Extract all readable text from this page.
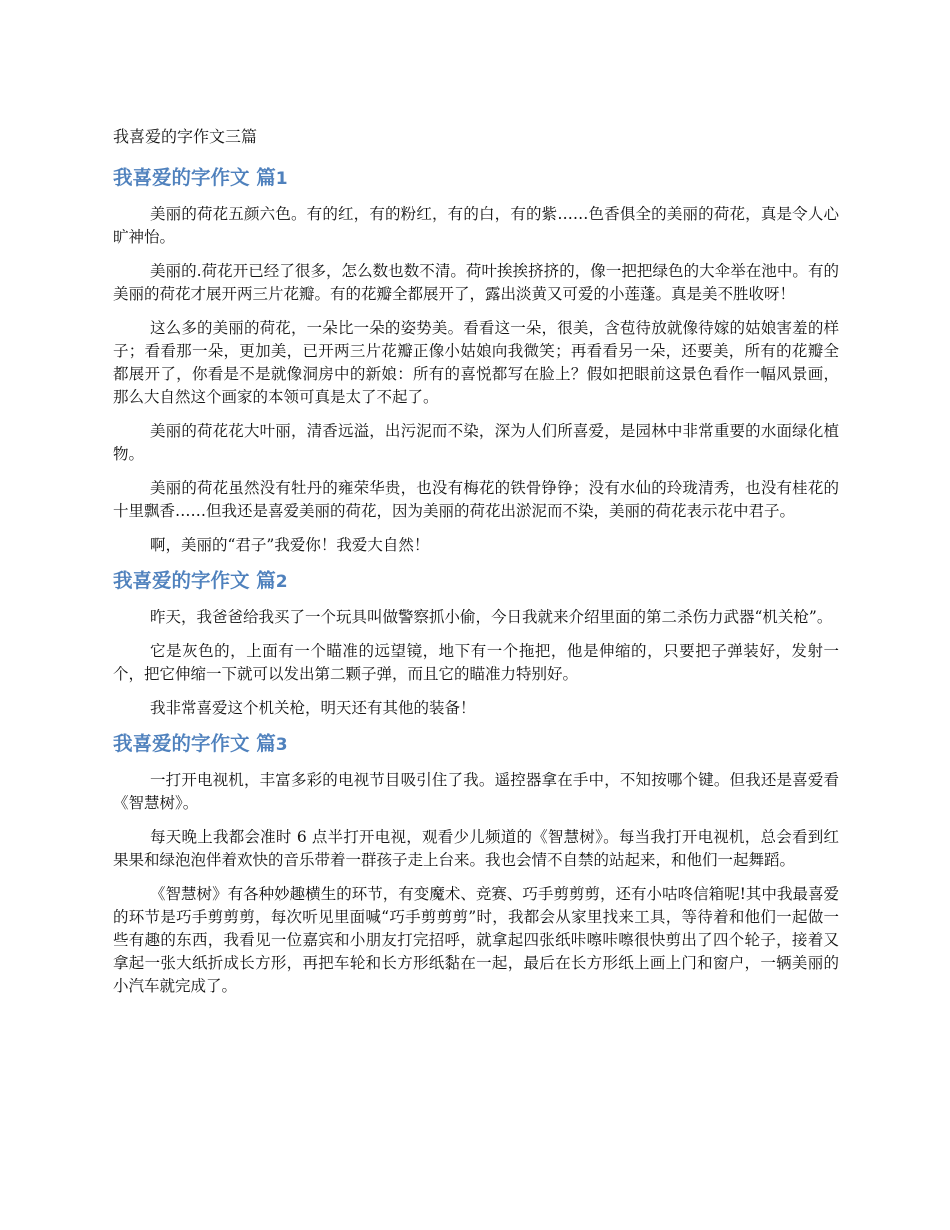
我喜爱的字作文三篇
我喜爱的字作文 篇1

美丽的荷花五颜六色。有的红，有的粉红，有的白，有的紫……色香俱全的美丽的荷花，真是令人心旷神怡。

美丽的.荷花开已经了很多，怎么数也数不清。荷叶挨挨挤挤的，像一把把绿色的大伞举在池中。有的美丽的荷花才展开两三片花瓣。有的花瓣全都展开了，露出淡黄又可爱的小莲蓬。真是美不胜收呀！

这么多的美丽的荷花，一朵比一朵的姿势美。看看这一朵，很美，含苞待放就像待嫁的姑娘害羞的样子；看看那一朵，更加美，已开两三片花瓣正像小姑娘向我微笑；再看看另一朵，还要美，所有的花瓣全都展开了，你看是不是就像洞房中的新娘：所有的喜悦都写在脸上？假如把眼前这景色看作一幅风景画，那么大自然这个画家的本领可真是太了不起了。

美丽的荷花花大叶丽，清香远溢，出污泥而不染，深为人们所喜爱，是园林中非常重要的水面绿化植物。

美丽的荷花虽然没有牡丹的雍荣华贵，也没有梅花的铁骨铮铮；没有水仙的玲珑清秀，也没有桂花的十里飘香……但我还是喜爱美丽的荷花，因为美丽的荷花出淤泥而不染，美丽的荷花表示花中君子。

啊，美丽的“君子”我爱你！我爱大自然！

我喜爱的字作文 篇2

昨天，我爸爸给我买了一个玩具叫做警察抓小偷，今日我就来介绍里面的第二杀伤力武器“机关枪”。

它是灰色的，上面有一个瞄准的远望镜，地下有一个拖把，他是伸缩的，只要把子弹装好，发射一个，把它伸缩一下就可以发出第二颗子弹，而且它的瞄准力特别好。

我非常喜爱这个机关枪，明天还有其他的装备！

我喜爱的字作文 篇3

一打开电视机，丰富多彩的电视节目吸引住了我。遥控器拿在手中，不知按哪个键。但我还是喜爱看《智慧树》。

每天晚上我都会准时 6 点半打开电视，观看少儿频道的《智慧树》。每当我打开电视机，总会看到红果果和绿泡泡伴着欢快的音乐带着一群孩子走上台来。我也会情不自禁的站起来，和他们一起舞蹈。

《智慧树》有各种妙趣横生的环节，有变魔术、竞赛、巧手剪剪剪，还有小咕咚信箱呢!其中我最喜爱的环节是巧手剪剪剪，每次听见里面喊“巧手剪剪剪”时，我都会从家里找来工具，等待着和他们一起做一些有趣的东西，我看见一位嘉宾和小朋友打完招呼，就拿起四张纸咔嚓咔嚓很快剪出了四个轮子，接着又拿起一张大纸折成长方形，再把车轮和长方形纸黏在一起，最后在长方形纸上画上门和窗户，一辆美丽的小汽车就完成了。
